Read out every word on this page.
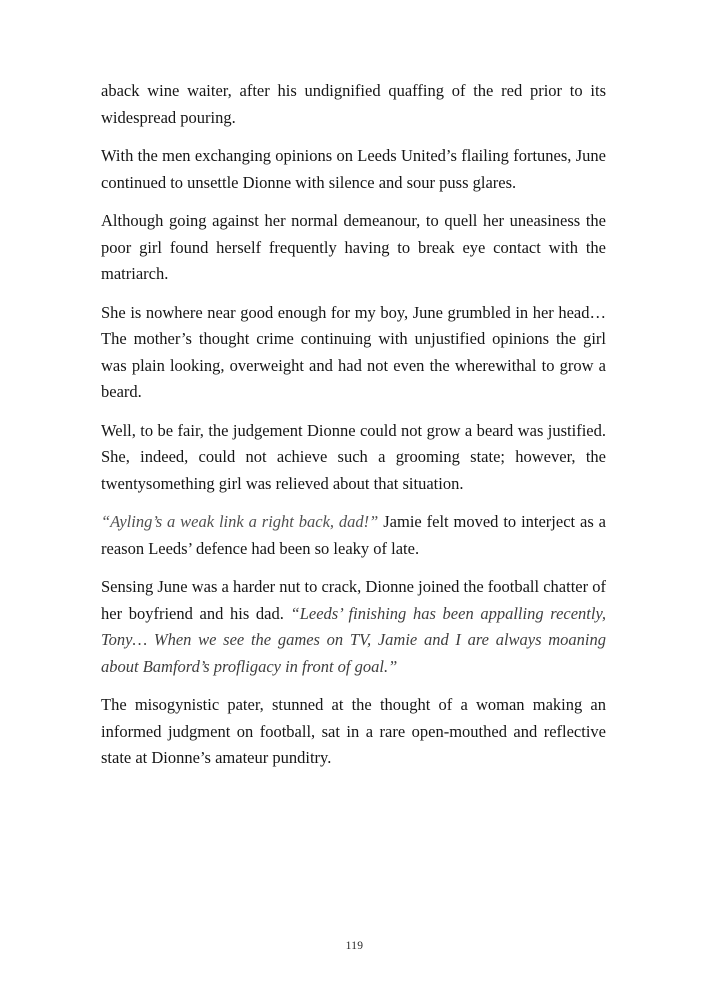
aback wine waiter, after his undignified quaffing of the red prior to its widespread pouring.

With the men exchanging opinions on Leeds United’s flailing fortunes, June continued to unsettle Dionne with silence and sour puss glares.

Although going against her normal demeanour, to quell her uneasiness the poor girl found herself frequently having to break eye contact with the matriarch.

She is nowhere near good enough for my boy, June grumbled in her head… The mother’s thought crime continuing with unjustified opinions the girl was plain looking, overweight and had not even the wherewithal to grow a beard.

Well, to be fair, the judgement Dionne could not grow a beard was justified. She, indeed, could not achieve such a grooming state; however, the twentysomething girl was relieved about that situation.

“Ayling’s a weak link a right back, dad!” Jamie felt moved to interject as a reason Leeds’ defence had been so leaky of late.

Sensing June was a harder nut to crack, Dionne joined the football chatter of her boyfriend and his dad. “Leeds’ finishing has been appalling recently, Tony… When we see the games on TV, Jamie and I are always moaning about Bamford’s profligacy in front of goal.”

The misogynistic pater, stunned at the thought of a woman making an informed judgment on football, sat in a rare open-mouthed and reflective state at Dionne’s amateur punditry.

119
